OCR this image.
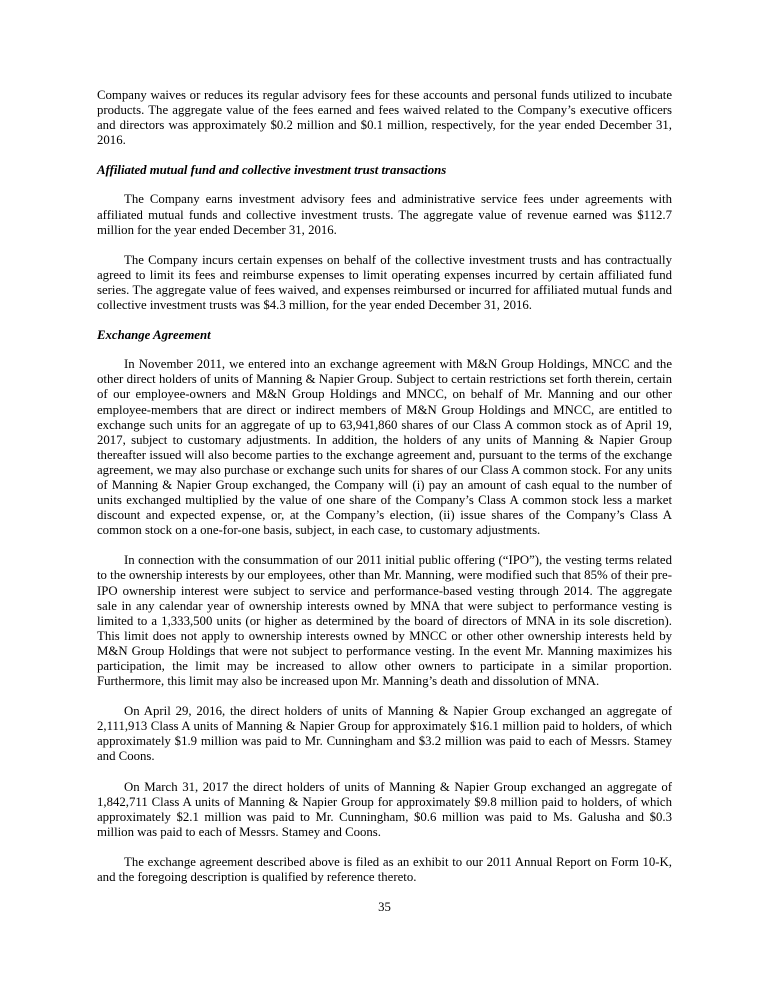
Company waives or reduces its regular advisory fees for these accounts and personal funds utilized to incubate products. The aggregate value of the fees earned and fees waived related to the Company’s executive officers and directors was approximately $0.2 million and $0.1 million, respectively, for the year ended December 31, 2016.

Affiliated mutual fund and collective investment trust transactions

The Company earns investment advisory fees and administrative service fees under agreements with affiliated mutual funds and collective investment trusts. The aggregate value of revenue earned was $112.7 million for the year ended December 31, 2016.

The Company incurs certain expenses on behalf of the collective investment trusts and has contractually agreed to limit its fees and reimburse expenses to limit operating expenses incurred by certain affiliated fund series. The aggregate value of fees waived, and expenses reimbursed or incurred for affiliated mutual funds and collective investment trusts was $4.3 million, for the year ended December 31, 2016.

Exchange Agreement

In November 2011, we entered into an exchange agreement with M&N Group Holdings, MNCC and the other direct holders of units of Manning & Napier Group. Subject to certain restrictions set forth therein, certain of our employee-owners and M&N Group Holdings and MNCC, on behalf of Mr. Manning and our other employee-members that are direct or indirect members of M&N Group Holdings and MNCC, are entitled to exchange such units for an aggregate of up to 63,941,860 shares of our Class A common stock as of April 19, 2017, subject to customary adjustments. In addition, the holders of any units of Manning & Napier Group thereafter issued will also become parties to the exchange agreement and, pursuant to the terms of the exchange agreement, we may also purchase or exchange such units for shares of our Class A common stock. For any units of Manning & Napier Group exchanged, the Company will (i) pay an amount of cash equal to the number of units exchanged multiplied by the value of one share of the Company’s Class A common stock less a market discount and expected expense, or, at the Company’s election, (ii) issue shares of the Company’s Class A common stock on a one-for-one basis, subject, in each case, to customary adjustments.

In connection with the consummation of our 2011 initial public offering (“IPO”), the vesting terms related to the ownership interests by our employees, other than Mr. Manning, were modified such that 85% of their pre-IPO ownership interest were subject to service and performance-based vesting through 2014. The aggregate sale in any calendar year of ownership interests owned by MNA that were subject to performance vesting is limited to a 1,333,500 units (or higher as determined by the board of directors of MNA in its sole discretion). This limit does not apply to ownership interests owned by MNCC or other other ownership interests held by M&N Group Holdings that were not subject to performance vesting. In the event Mr. Manning maximizes his participation, the limit may be increased to allow other owners to participate in a similar proportion. Furthermore, this limit may also be increased upon Mr. Manning’s death and dissolution of MNA.

On April 29, 2016, the direct holders of units of Manning & Napier Group exchanged an aggregate of 2,111,913 Class A units of Manning & Napier Group for approximately $16.1 million paid to holders, of which approximately $1.9 million was paid to Mr. Cunningham and $3.2 million was paid to each of Messrs. Stamey and Coons.

On March 31, 2017 the direct holders of units of Manning & Napier Group exchanged an aggregate of 1,842,711 Class A units of Manning & Napier Group for approximately $9.8 million paid to holders, of which approximately $2.1 million was paid to Mr. Cunningham, $0.6 million was paid to Ms. Galusha and $0.3 million was paid to each of Messrs. Stamey and Coons.

The exchange agreement described above is filed as an exhibit to our 2011 Annual Report on Form 10-K, and the foregoing description is qualified by reference thereto.

35
